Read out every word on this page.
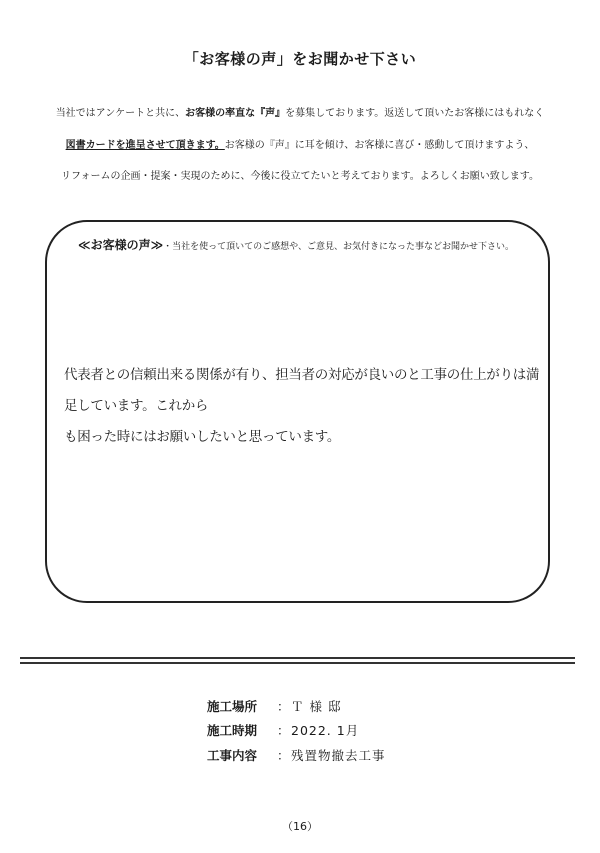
「お客様の声」をお聞かせ下さい
当社ではアンケートと共に、お客様の率直な『声』を募集しております。返送して頂いたお客様にはもれなく
図書カードを進呈させて頂きます。お客様の『声』に耳を傾け、お客様に喜び・感動して頂けますよう、
リフォームの企画・提案・実現のために、今後に役立てたいと考えております。よろしくお願い致します。
≪お客様の声≫・当社を使って頂いてのご感想や、ご意見、お気付きになった事などお聞かせ下さい。
代表者との信頼出来る関係が有り、担当者の対応が良いのと工事の仕上がりは満足しています。これから
も困った時にはお願いしたいと思っています。
施工場所 ：Ｔ 様 邸
施工時期 ：2022. 1月
工事内容 ：残置物撤去工事
（16）
